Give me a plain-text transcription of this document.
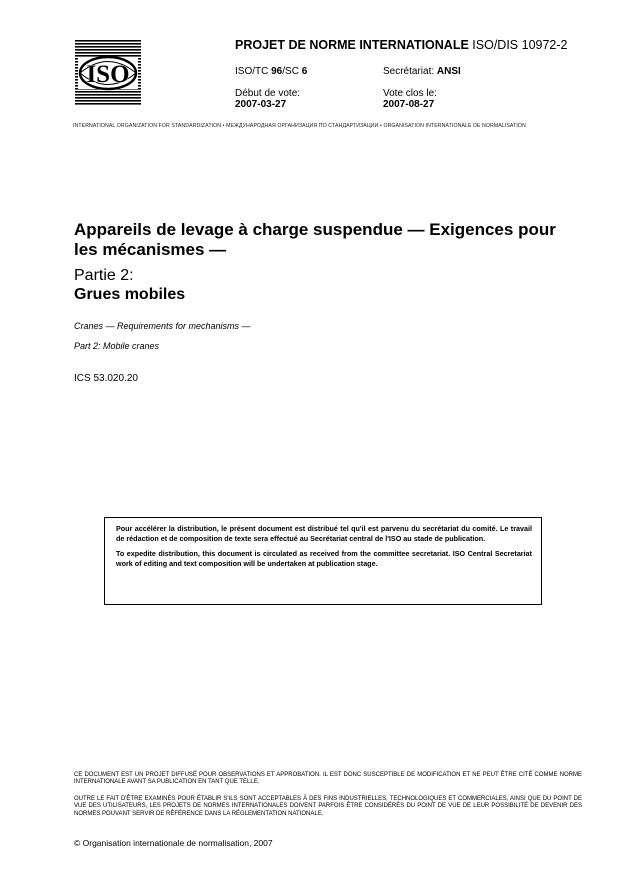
ISO
PROJET DE NORME INTERNATIONALE ISO/DIS 10972-2
ISO/TC 96/SC 6	Secrétariat: ANSI
Début de vote:
2007-03-27
Vote clos le:
2007-08-27
INTERNATIONAL ORGANIZATION FOR STANDARDIZATION • МЕЖДУНАРОДНАЯ ОРГАНИЗАЦИЯ ПО СТАНДАРТИЗАЦИИ • ORGANISATION INTERNATIONALE DE NORMALISATION
Appareils de levage à charge suspendue — Exigences pour les mécanismes —
Partie 2:
Grues mobiles
Cranes — Requirements for mechanisms —
Part 2: Mobile cranes
ICS 53.020.20

Pour accélérer la distribution, le présent document est distribué tel qu'il est parvenu du secrétariat du comité. Le travail de rédaction et de composition de texte sera effectué au Secrétariat central de l'ISO au stade de publication.

To expedite distribution, this document is circulated as received from the committee secretariat. ISO Central Secretariat work of editing and text composition will be undertaken at publication stage.

CE DOCUMENT EST UN PROJET DIFFUSÉ POUR OBSERVATIONS ET APPROBATION. IL EST DONC SUSCEPTIBLE DE MODIFICATION ET NE PEUT ÊTRE CITÉ COMME NORME INTERNATIONALE AVANT SA PUBLICATION EN TANT QUE TELLE.
OUTRE LE FAIT D'ÊTRE EXAMINÉS POUR ÉTABLIR S'ILS SONT ACCEPTABLES À DES FINS INDUSTRIELLES, TECHNOLOGIQUES ET COMMERCIALES, AINSI QUE DU POINT DE VUE DES UTILISATEURS, LES PROJETS DE NORMES INTERNATIONALES DOIVENT PARFOIS ÊTRE CONSIDÉRÉS DU POINT DE VUE DE LEUR POSSIBILITÉ DE DEVENIR DES NORMES POUVANT SERVIR DE RÉFÉRENCE DANS LA RÉGLEMENTATION NATIONALE.
© Organisation internationale de normalisation, 2007
